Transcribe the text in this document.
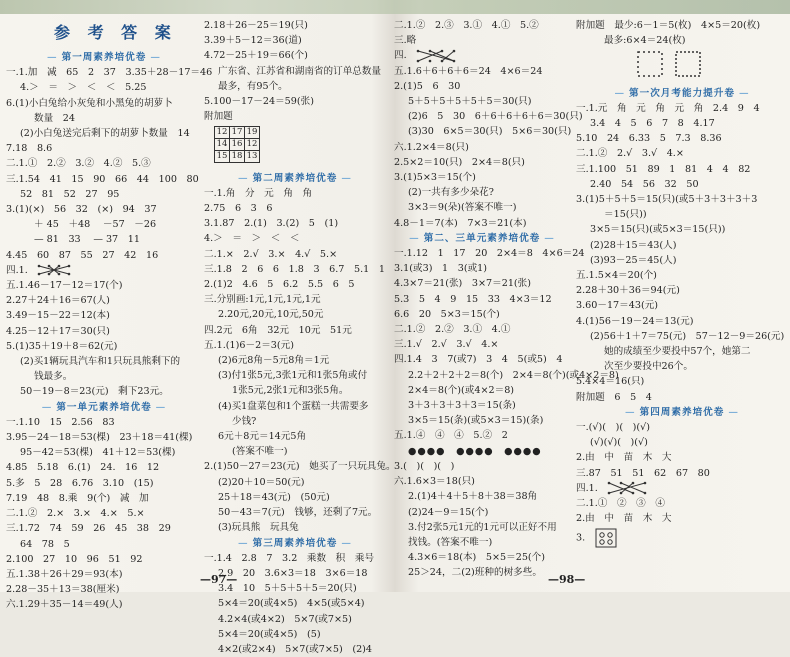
参 考 答 案
— 第一周素养培优卷 —
一.1.加　减　65　2　37　3.35＋28－17＝46
4.＞　＝　＞　＜　＜　5.25
6.(1)小白兔给小灰兔和小黑兔的胡萝卜
数量　24
(2)小白兔送完后剩下的胡萝卜数量　14
7.18　8.6
二.1.①　2.②　3.②　4.②　5.③
三.1.54　41　15　90　66　44　100　80
52　81　52　27　95
3.(1)(×)　56　32　(×)　94　37
＋ 45　＋48　 －57　－26
— 81　33　 — 37　11
4.45　60　87　55　27　42　16
四.1.
五.1.46－17－12＝17(个)
2.27＋24＋16＝67(人)
3.49－15－22＝12(本)
4.25－12＋17＝30(只)
5.(1)35＋19＋8＝62(元)
(2)买1辆玩具汽车和1只玩具熊剩下的
钱最多。
50－19－8＝23(元)　剩下23元。
— 第一单元素养培优卷 —
一.1.10　15　2.56　83
3.95－24－18＝53(棵)　23＋18＝41(棵)
95－42＝53(棵)　41＋12＝53(棵)
4.85　5.18　6.(1)　24.　16　12
5.多　5　28　6.76　3.10　(15)
7.19　48　8.乘　9(个)　减　加
二.1.②　2.×　3.×　4.×　5.×
三.1.72　74　59　26　45　38　29
64　78　5
2.100　27　10　96　51　92
五.1.38＋26＋29＝93(本)
2.28－35＋13＝38(厘米)
六.1.29＋35－14＝49(人)
2.18＋26－25＝19(只)
3.39＋5－12＝36(道)
4.72－25＋19＝66(个)
广东省、江苏省和湖南省的订单总数量
最多，有95个。
5.100－17－24＝59(张)
附加题
12	17	19
14	16	12
15	18	13
— 第二周素养培优卷 —
一.1.角　分　元　角　角
2.75　6　3　6
3.1.87　2.(1)　3.(2)　5　(1)
4.＞　＝　＞　＜　＜
二.1.×　2.√　3.×　4.√　5.×
三.1.8　2　6　6　1.8　3　6.7　5.1　1
2.(1)2　4.6　5　6.2　5.5　6　5
三.分别画:1元,1元,1元,1元
2.20元,20元,10元,50元
四.2元　6角　32元　10元　51元
五.1.(1)6－2＝3(元)
(2)6元8角－5元8角＝1元
(3)付1张5元,3张1元和1张5角或付
1张5元,2张1元和3张5角。
(4)买1盘菜包和1个蛋糕一共需要多
少钱?
6元＋8元＝14元5角
(答案不唯一)
2.(1)50－27＝23(元)　她买了一只玩具兔。
(2)20＋10＝50(元)
25＋18＝43(元)　(50元)
50－43＝7(元)　钱够，还剩了7元。
(3)玩具熊　玩具兔
— 第三周素养培优卷 —
一.1.4　2.8　7　3.2　乘数　积　乘号
2.9　20　3.6×3＝18　3×6＝18
3.4　10　5＋5＋5＋5＝20(只)
5×4＝20(或4×5)　4×5(或5×4)
4.2×4(或4×2)　5×7(或7×5)
5×4＝20(或4×5)　(5)
4×2(或2×4)　5×7(或7×5)　(2)4
二.1.②　2.③　3.①　4.①　5.②
三.略
四.
五.1.6＋6＋6＋6＝24　4×6＝24
2.(1)5　6　30
5＋5＋5＋5＋5＋5＝30(只)
(2)6　5　30　6＋6＋6＋6＋6＝30(只)
(3)30　6×5＝30(只)　5×6＝30(只)
六.1.2×4＝8(只)
2.5×2＝10(只)　2×4＝8(只)
3.(1)5×3＝15(个)
(2)一共有多少朵花?
3×3＝9(朵)(答案不唯一)
4.8－1＝7(本)　7×3＝21(本)
— 第二、三单元素养培优卷 —
一.1.12　1　17　20　2×4＝8　4×6＝24
3.1(或3)　1　3(或1)
4.3×7＝21(张)　3×7＝21(张)
5.3　5　4　9　15　33　4×3＝12
6.6　20　5×3＝15(个)
二.1.②　2.②　3.①　4.①
三.1.√　2.√　3.√　4.×
四.1.4　3　7(或7)　3　4　5(或5)　4
2.2＋2＋2＋2＝8(个)　2×4＝8(个)(或4×2＝8)
2×4＝8(个)(或4×2＝8)
3＋3＋3＋3＋3＝15(条)
3×5＝15(条)(或5×3＝15)(条)
五.1.④　④　④　5.②　2
●●●●　●●●●　●●●●
3.(　)(　)(　)
六.1.6×3＝18(只)
2.(1)4＋4＋5＋8＋38＝38角
(2)24－9＝15(个)
3.付2张5元1元的1元可以正好不用
找钱。(答案不唯一)
4.3×6＝18(本)　5×5＝25(个)
25＞24，二(2)班种的树多些。
附加题　最少:6－1＝5(枚)　4×5＝20(枚)
最多:6×4＝24(枚)
— 第一次月考能力提升卷 —
一.1.元　角　元　角　元　角　2.4　9　4
3.4　4　5　6　7　8　4.17
5.10　24　6.33　5　7.3　8.36
二.1.②　2.√　3.√　4.×
三.1.100　51　89　1　81　4　4　82
2.40　54　56　32　50
3.(1)5＋5＋5＝15(只)(或5＋3＋3＋3＋3
＝15(只))
3×5＝15(只)(或5×3＝15(只))
(2)28＋15＝43(人)
(3)93－25＝45(人)
五.1.5×4＝20(个)
2.28＋30＋36＝94(元)
3.60－17＝43(元)
4.(1)56－19－24＝13(元)
(2)56＋1＋7＝75(元)　57－12－9＝26(元)
她的成绩至少要投中57个，她第二
次至少要投中26个。
5.4×4＝16(只)
附加题　6　5　4
— 第四周素养培优卷 —
一.(√)(　)(　)(√)
(√)(√)(　)(√)
2.由　中　苗　木　大
三.87　51　51　62　67　80
四.1.
二.1.①　②　③　④
2.由　中　苗　木　大
3.
—97—	—98—
